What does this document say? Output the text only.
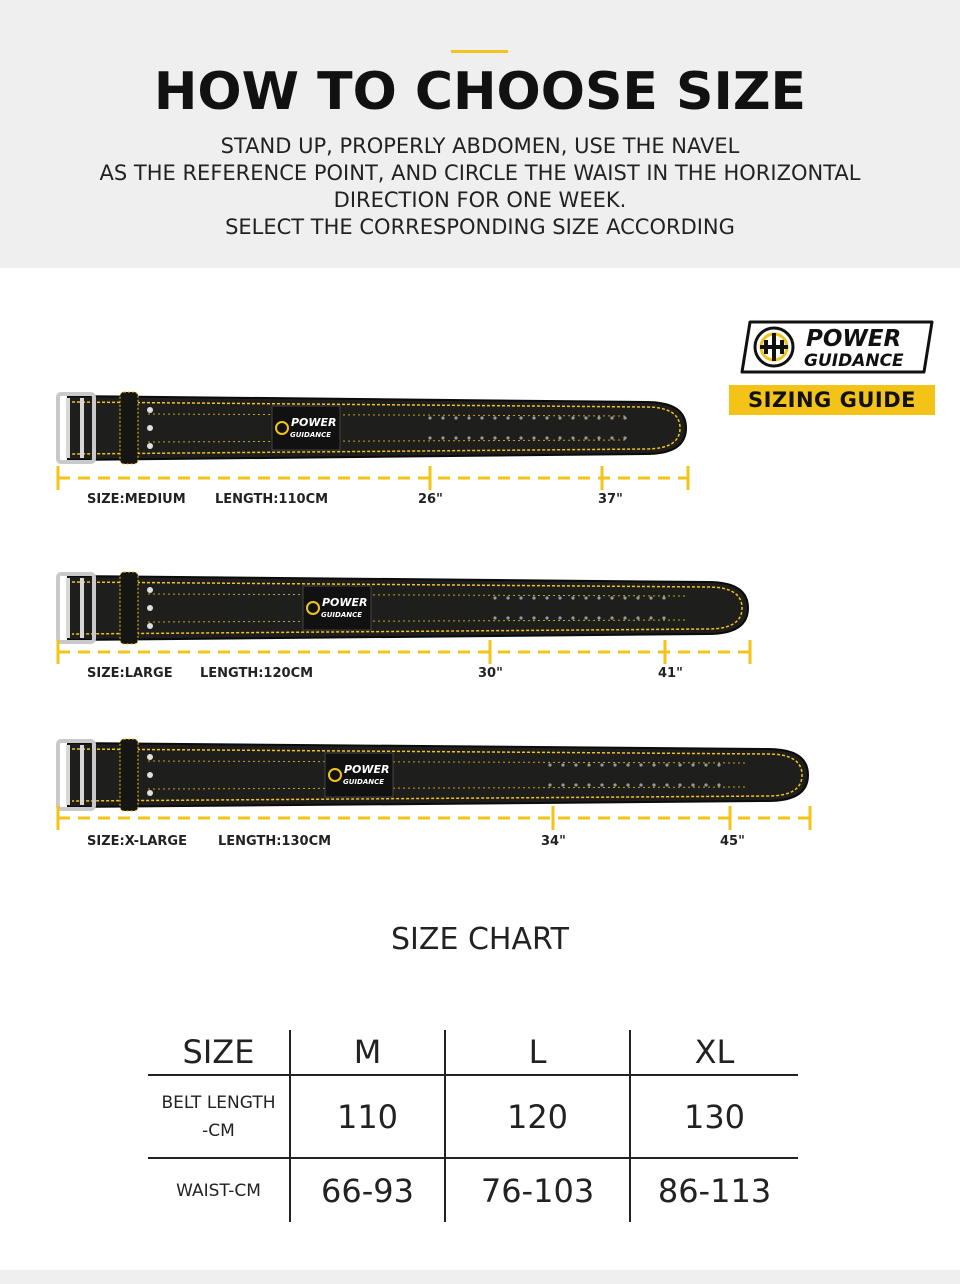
HOW TO CHOOSE SIZE
STAND UP, PROPERLY ABDOMEN, USE THE NAVEL
AS THE REFERENCE POINT, AND CIRCLE THE WAIST IN THE HORIZONTAL
DIRECTION FOR ONE WEEK.
SELECT THE CORRESPONDING SIZE ACCORDING
POWER
GUIDANCE
SIZING GUIDE
POWER
GUIDANCE
SIZE:MEDIUM LENGTH:110CM	26"	37"
POWER
GUIDANCE
SIZE:LARGE LENGTH:120CM	30"	41"
POWER
GUIDANCE
SIZE:X-LARGE LENGTH:130CM	34"	45"
SIZE CHART
SIZE	M	L	XL
BELT LENGTH
-CM	110	120	130
WAIST-CM	66-93	76-103	86-113
